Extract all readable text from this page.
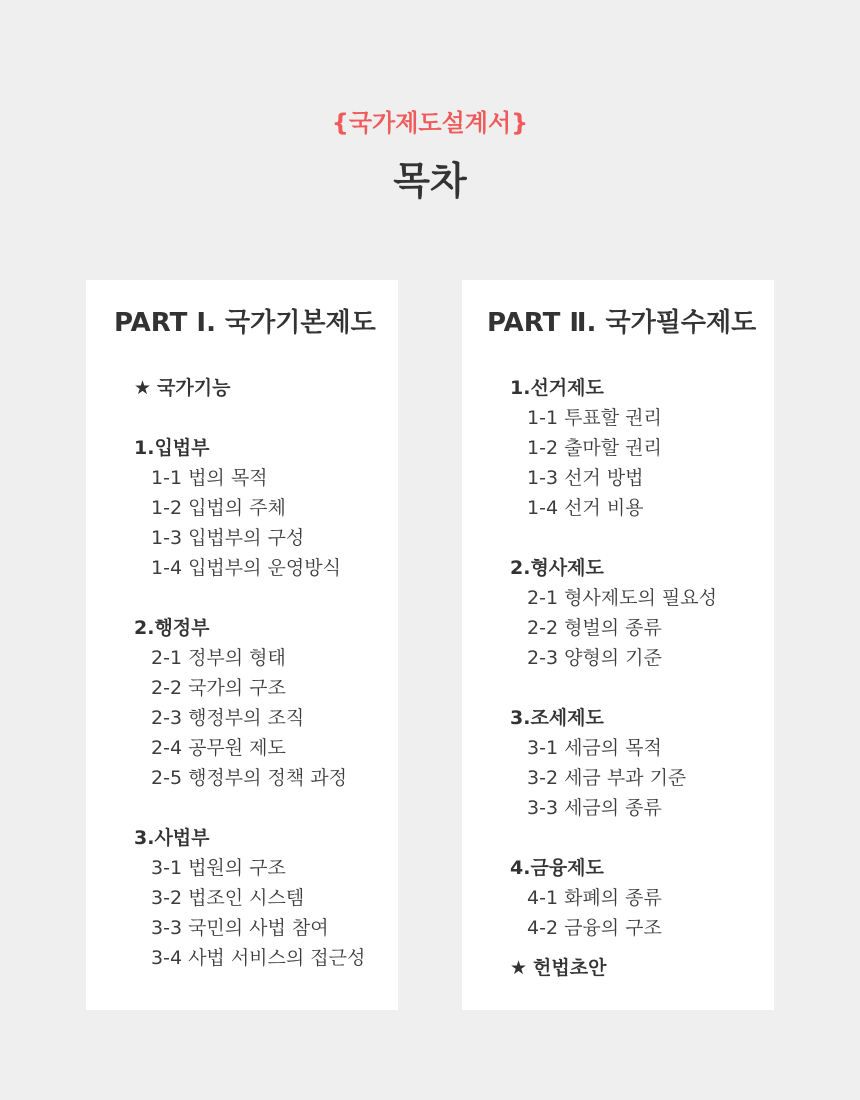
{국가제도설계서}
목차
PART Ⅰ. 국가기본제도	PART Ⅱ. 국가필수제도
★ 국가기능
1.입법부
1-1 법의 목적
1-2 입법의 주체
1-3 입법부의 구성
1-4 입법부의 운영방식
2.행정부
2-1 정부의 형태
2-2 국가의 구조
2-3 행정부의 조직
2-4 공무원 제도
2-5 행정부의 정책 과정
3.사법부
3-1 법원의 구조
3-2 법조인 시스템
3-3 국민의 사법 참여
3-4 사법 서비스의 접근성
1.선거제도
1-1 투표할 권리
1-2 출마할 권리
1-3 선거 방법
1-4 선거 비용
2.형사제도
2-1 형사제도의 필요성
2-2 형벌의 종류
2-3 양형의 기준
3.조세제도
3-1 세금의 목적
3-2 세금 부과 기준
3-3 세금의 종류
4.금융제도
4-1 화폐의 종류
4-2 금융의 구조
★ 헌법초안
